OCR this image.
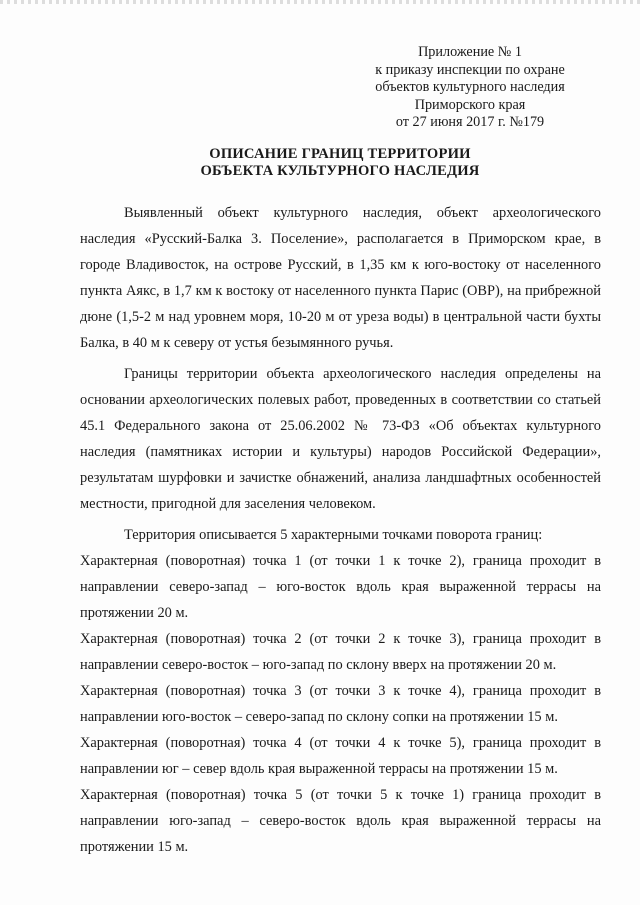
Приложение № 1
к приказу инспекции по охране
объектов культурного наследия
Приморского края
от 27 июня 2017 г. №179
ОПИСАНИЕ ГРАНИЦ ТЕРРИТОРИИ
ОБЪЕКТА КУЛЬТУРНОГО НАСЛЕДИЯ

Выявленный объект культурного наследия, объект археологического наследия «Русский-Балка 3. Поселение», располагается в Приморском крае, в городе Владивосток, на острове Русский, в 1,35 км к юго-востоку от населенного пункта Аякс, в 1,7 км к востоку от населенного пункта Парис (ОВР), на прибрежной дюне (1,5-2 м над уровнем моря, 10-20 м от уреза воды) в центральной части бухты Балка, в 40 м к северу от устья безымянного ручья.

Границы территории объекта археологического наследия определены на основании археологических полевых работ, проведенных в соответствии со статьей 45.1 Федерального закона от 25.06.2002 № 73-ФЗ «Об объектах культурного наследия (памятниках истории и культуры) народов Российской Федерации», результатам шурфовки и зачистке обнажений, анализа ландшафтных особенностей местности, пригодной для заселения человеком.

Территория описывается 5 характерными точками поворота границ:

Характерная (поворотная) точка 1 (от точки 1 к точке 2), граница проходит в направлении северо-запад – юго-восток вдоль края выраженной террасы на протяжении 20 м.

Характерная (поворотная) точка 2 (от точки 2 к точке 3), граница проходит в направлении северо-восток – юго-запад по склону вверх на протяжении 20 м.

Характерная (поворотная) точка 3 (от точки 3 к точке 4), граница проходит в направлении юго-восток – северо-запад по склону сопки на протяжении 15 м.

Характерная (поворотная) точка 4 (от точки 4 к точке 5), граница проходит в направлении юг – север вдоль края выраженной террасы на протяжении 15 м.

Характерная (поворотная) точка 5 (от точки 5 к точке 1) граница проходит в направлении юго-запад – северо-восток вдоль края выраженной террасы на протяжении 15 м.
